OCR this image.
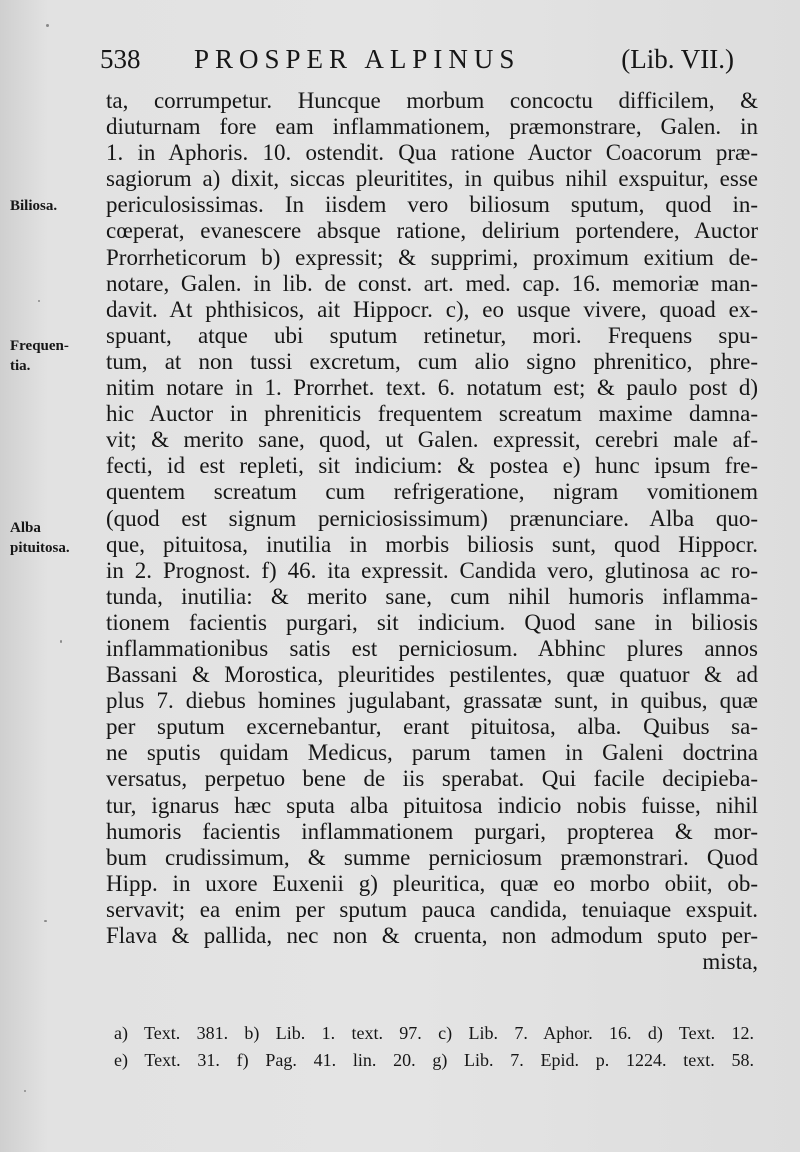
538 PROSPER ALPINUS	(Lib. VII.)
Biliosa.
Frequen-
tia.
Alba
pituitosa.
ta, corrumpetur. Huncque morbum concoctu difficilem, &
diuturnam fore eam inflammationem, præmonstrare, Galen. in
1. in Aphoris. 10. ostendit. Qua ratione Auctor Coacorum præ-
sagiorum a) dixit, siccas pleuritites, in quibus nihil exspuitur, esse
periculosissimas. In iisdem vero biliosum sputum, quod in-
cœperat, evanescere absque ratione, delirium portendere, Auctor
Prorrheticorum b) expressit; & supprimi, proximum exitium de-
notare, Galen. in lib. de const. art. med. cap. 16. memoriæ man-
davit. At phthisicos, ait Hippocr. c), eo usque vivere, quoad ex-
spuant, atque ubi sputum retinetur, mori. Frequens spu-
tum, at non tussi excretum, cum alio signo phrenitico, phre-
nitim notare in 1. Prorrhet. text. 6. notatum est; & paulo post d)
hic Auctor in phreniticis frequentem screatum maxime damna-
vit; & merito sane, quod, ut Galen. expressit, cerebri male af-
fecti, id est repleti, sit indicium: & postea e) hunc ipsum fre-
quentem screatum cum refrigeratione, nigram vomitionem
(quod est signum perniciosissimum) prænunciare. Alba quo-
que, pituitosa, inutilia in morbis biliosis sunt, quod Hippocr.
in 2. Prognost. f) 46. ita expressit. Candida vero, glutinosa ac ro-
tunda, inutilia: & merito sane, cum nihil humoris inflamma-
tionem facientis purgari, sit indicium. Quod sane in biliosis
inflammationibus satis est perniciosum. Abhinc plures annos
Bassani & Morostica, pleuritides pestilentes, quæ quatuor & ad
plus 7. diebus homines jugulabant, grassatæ sunt, in quibus, quæ
per sputum excernebantur, erant pituitosa, alba. Quibus sa-
ne sputis quidam Medicus, parum tamen in Galeni doctrina
versatus, perpetuo bene de iis sperabat. Qui facile decipieba-
tur, ignarus hæc sputa alba pituitosa indicio nobis fuisse, nihil
humoris facientis inflammationem purgari, propterea & mor-
bum crudissimum, & summe perniciosum præmonstrari. Quod
Hipp. in uxore Euxenii g) pleuritica, quæ eo morbo obiit, ob-
servavit; ea enim per sputum pauca candida, tenuiaque exspuit.
Flava & pallida, nec non & cruenta, non admodum sputo per-
mista,
a) Text. 381. b) Lib. 1. text. 97. c) Lib. 7. Aphor. 16. d) Text. 12.
e) Text. 31. f) Pag. 41. lin. 20. g) Lib. 7. Epid. p. 1224. text. 58.
